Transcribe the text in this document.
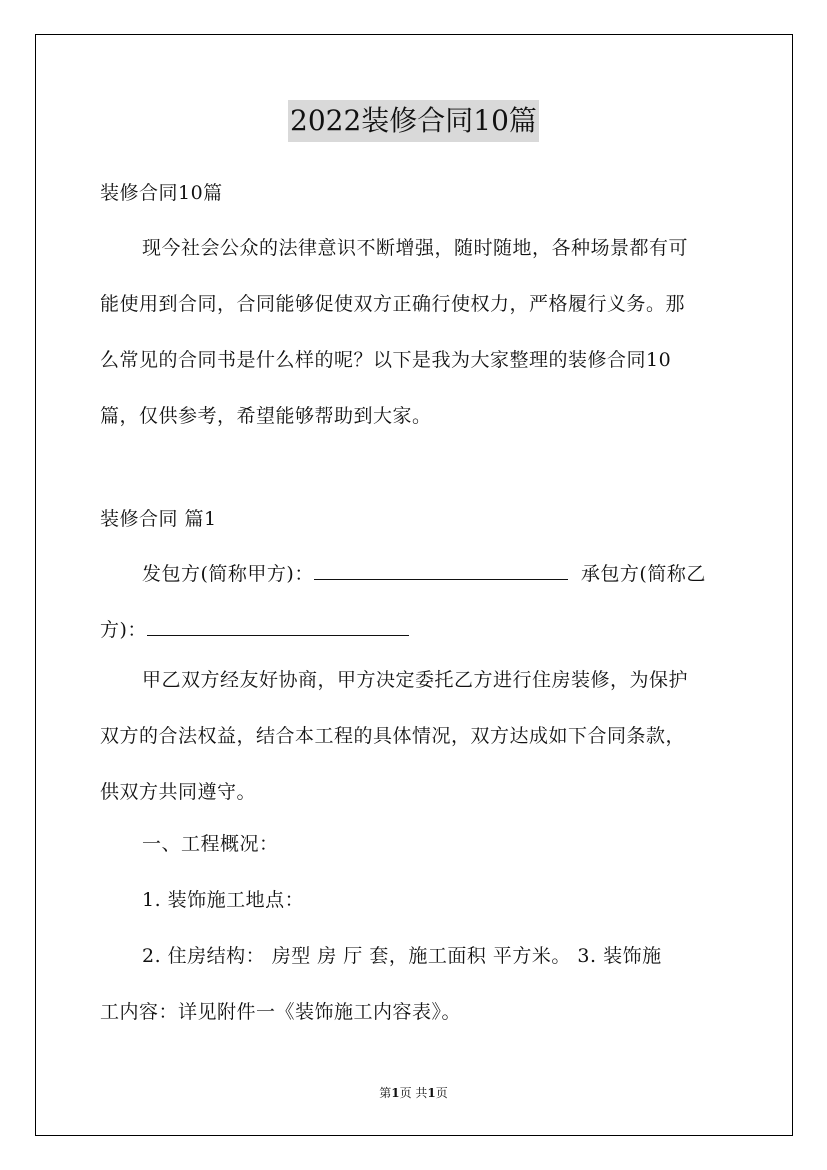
2022装修合同10篇

装修合同10篇

现今社会公众的法律意识不断增强，随时随地，各种场景都有可
能使用到合同，合同能够促使双方正确行使权力，严格履行义务。那
么常见的合同书是什么样的呢？以下是我为大家整理的装修合同10
篇，仅供参考，希望能够帮助到大家。

装修合同 篇1

发包方(简称甲方)：	承包方(简称乙
方)：
甲乙双方经友好协商，甲方决定委托乙方进行住房装修，为保护
双方的合法权益，结合本工程的具体情况，双方达成如下合同条款，
供双方共同遵守。
一、工程概况：
1. 装饰施工地点：
2. 住房结构： 房型 房 厅 套，施工面积 平方米。 3. 装饰施
工内容：详见附件一《装饰施工内容表》。
第1页 共1页
